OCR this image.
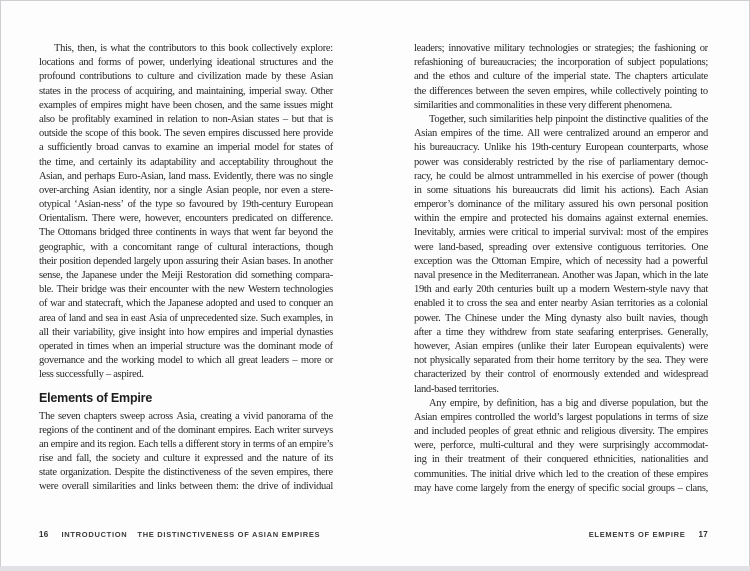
This, then, is what the contributors to this book collectively explore:
locations and forms of power, underlying ideational structures and the
profound contributions to culture and civilization made by these Asian
states in the process of acquiring, and maintaining, imperial sway. Other
examples of empires might have been chosen, and the same issues might
also be profitably examined in relation to non-Asian states – but that is
outside the scope of this book. The seven empires discussed here provide
a sufficiently broad canvas to examine an imperial model for states of
the time, and certainly its adaptability and acceptability throughout the
Asian, and perhaps Euro-Asian, land mass. Evidently, there was no single
over-arching Asian identity, nor a single Asian people, nor even a stere-
otypical ‘Asian-ness’ of the type so favoured by 19th-century European
Orientalism. There were, however, encounters predicated on difference.
The Ottomans bridged three continents in ways that went far beyond the
geographic, with a concomitant range of cultural interactions, though
their position depended largely upon assuring their Asian bases. In another
sense, the Japanese under the Meiji Restoration did something compara-
ble. Their bridge was their encounter with the new Western technologies
of war and statecraft, which the Japanese adopted and used to conquer an
area of land and sea in east Asia of unprecedented size. Such examples, in
all their variability, give insight into how empires and imperial dynasties
operated in times when an imperial structure was the dominant mode of
governance and the working model to which all great leaders – more or
less successfully – aspired.
Elements of Empire
The seven chapters sweep across Asia, creating a vivid panorama of the
regions of the continent and of the dominant empires. Each writer surveys
an empire and its region. Each tells a different story in terms of an empire’s
rise and fall, the society and culture it expressed and the nature of its
state organization. Despite the distinctiveness of the seven empires, there
were overall similarities and links between them: the drive of individual
leaders; innovative military technologies or strategies; the fashioning or
refashioning of bureaucracies; the incorporation of subject populations;
and the ethos and culture of the imperial state. The chapters articulate
the differences between the seven empires, while collectively pointing to
similarities and commonalities in these very different phenomena.
Together, such similarities help pinpoint the distinctive qualities of the
Asian empires of the time. All were centralized around an emperor and
his bureaucracy. Unlike his 19th-century European counterparts, whose
power was considerably restricted by the rise of parliamentary democ-
racy, he could be almost untrammelled in his exercise of power (though
in some situations his bureaucrats did limit his actions). Each Asian
emperor’s dominance of the military assured his own personal position
within the empire and protected his domains against external enemies.
Inevitably, armies were critical to imperial survival: most of the empires
were land-based, spreading over extensive contiguous territories. One
exception was the Ottoman Empire, which of necessity had a powerful
naval presence in the Mediterranean. Another was Japan, which in the late
19th and early 20th centuries built up a modern Western-style navy that
enabled it to cross the sea and enter nearby Asian territories as a colonial
power. The Chinese under the Ming dynasty also built navies, though
after a time they withdrew from state seafaring enterprises. Generally,
however, Asian empires (unlike their later European equivalents) were
not physically separated from their home territory by the sea. They were
characterized by their control of enormously extended and widespread
land-based territories.
Any empire, by definition, has a big and diverse population, but the
Asian empires controlled the world’s largest populations in terms of size
and included peoples of great ethnic and religious diversity. The empires
were, perforce, multi-cultural and they were surprisingly accommodat-
ing in their treatment of their conquered ethnicities, nationalities and
communities. The initial drive which led to the creation of these empires
may have come largely from the energy of specific social groups – clans,
16 INTRODUCTION THE DISTINCTIVENESS OF ASIAN EMPIRES	ELEMENTS OF EMPIRE 17
